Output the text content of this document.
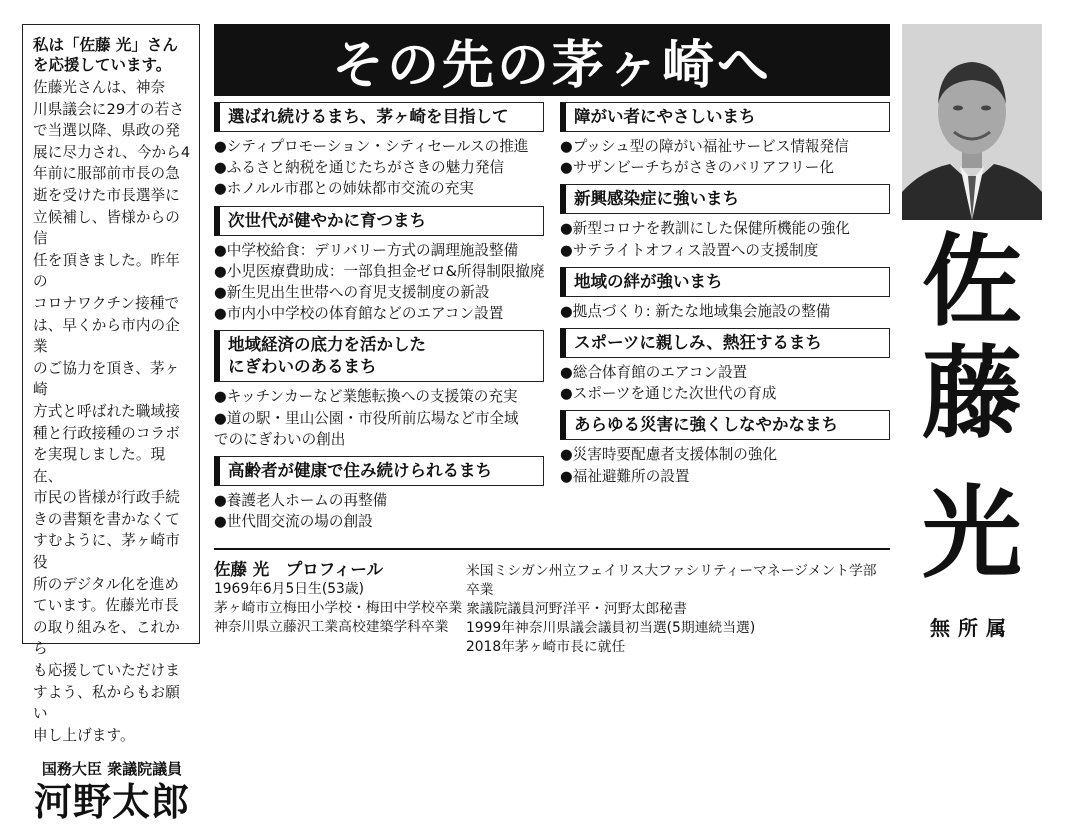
私は「佐藤 光」さんを応援しています。
佐藤光さんは、神奈
川県議会に29才の若さ
で当選以降、県政の発
展に尽力され、今から4
年前に服部前市長の急
逝を受けた市長選挙に
立候補し、皆様からの信
任を頂きました。昨年の
コロナワクチン接種で
は、早くから市内の企業
のご協力を頂き、茅ヶ崎
方式と呼ばれた職域接
種と行政接種のコラボ
を実現しました。現在、
市民の皆様が行政手続
きの書類を書かなくて
すむように、茅ヶ崎市役
所のデジタル化を進め
ています。佐藤光市長
の取り組みを、これから
も応援していただけま
すよう、私からもお願い
申し上げます。
国務大臣 衆議院議員
河野太郎
その先の茅ヶ崎へ
選ばれ続けるまち、茅ヶ崎を目指して
●シティプロモーション・シティセールスの推進
●ふるさと納税を通じたちがさきの魅力発信
●ホノルル市郡との姉妹都市交流の充実
次世代が健やかに育つまち
●中学校給食：デリバリー方式の調理施設整備
●小児医療費助成：一部負担金ゼロ&所得制限撤廃
●新生児出生世帯への育児支援制度の新設
●市内小中学校の体育館などのエアコン設置
地域経済の底力を活かした
にぎわいのあるまち
●キッチンカーなど業態転換への支援策の充実
●道の駅・里山公園・市役所前広場など市全域
でのにぎわいの創出
高齢者が健康で住み続けられるまち
●養護老人ホームの再整備
●世代間交流の場の創設
障がい者にやさしいまち
●プッシュ型の障がい福祉サービス情報発信
●サザンビーチちがさきのバリアフリー化
新興感染症に強いまち
●新型コロナを教訓にした保健所機能の強化
●サテライトオフィス設置への支援制度
地域の絆が強いまち
●拠点づくり: 新たな地域集会施設の整備
スポーツに親しみ、熱狂するまち
●総合体育館のエアコン設置
●スポーツを通じた次世代の育成
あらゆる災害に強くしなやかなまち
●災害時要配慮者支援体制の強化
●福祉避難所の設置
佐藤 光　プロフィール
1969年6月5日生(53歳)
茅ヶ崎市立梅田小学校・梅田中学校卒業
神奈川県立藤沢工業高校建築学科卒業
米国ミシガン州立フェイリス大ファシリティーマネージメント学部卒業
衆議院議員河野洋平・河野太郎秘書
1999年神奈川県議会議員初当選(5期連続当選)
2018年茅ヶ崎市長に就任
佐
藤
光
無所属
